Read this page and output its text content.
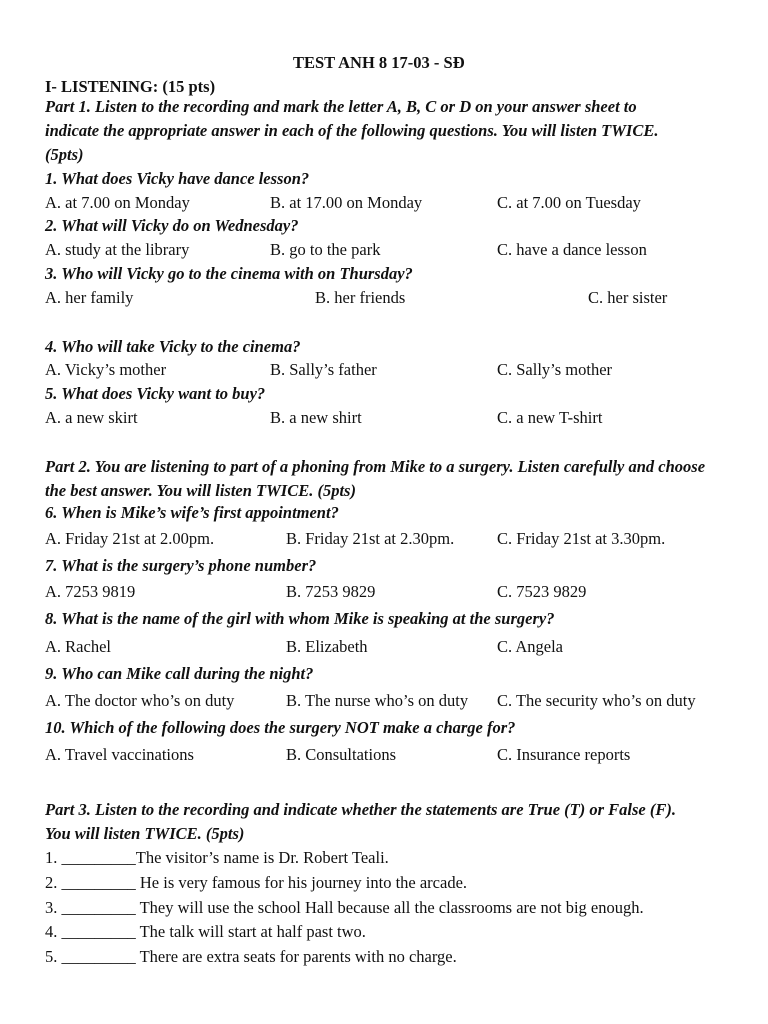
TEST ANH 8 17-03 - SĐ
I- LISTENING: (15 pts)
Part 1. Listen to the recording and mark the letter A, B, C or D on your answer sheet to
indicate the appropriate answer in each of the following questions. You will listen TWICE.
(5pts)
1. What does Vicky have dance lesson?
A. at 7.00 on Monday	B. at 17.00 on Monday	C. at 7.00 on Tuesday
2. What will Vicky do on Wednesday?
A. study at the library	B. go to the park	C. have a dance lesson
3. Who will Vicky go to the cinema with on Thursday?
A. her family	B. her friends	C. her sister
4. Who will take Vicky to the cinema?
A. Vicky’s mother	B. Sally’s father	C. Sally’s mother
5. What does Vicky want to buy?
A. a new skirt	B. a new shirt	C. a new T-shirt
Part 2. You are listening to part of a phoning from Mike to a surgery. Listen carefully and choose
the best answer. You will listen TWICE. (5pts)
6. When is Mike’s wife’s first appointment?
A. Friday 21st at 2.00pm.	B. Friday 21st at 2.30pm.	C. Friday 21st at 3.30pm.
7. What is the surgery’s phone number?
A. 7253 9819	B. 7253 9829	C. 7523 9829
8. What is the name of the girl with whom Mike is speaking at the surgery?
A. Rachel	B. Elizabeth	C. Angela
9. Who can Mike call during the night?
A. The doctor who’s on duty	B. The nurse who’s on duty C. The security who’s on duty
10. Which of the following does the surgery NOT make a charge for?
A. Travel vaccinations	B. Consultations	C. Insurance reports
Part 3. Listen to the recording and indicate whether the statements are True (T) or False (F).
You will listen TWICE. (5pts)
1. _________The visitor’s name is Dr. Robert Teali.
2. _________ He is very famous for his journey into the arcade.
3. _________ They will use the school Hall because all the classrooms are not big enough.
4. _________ The talk will start at half past two.
5. _________ There are extra seats for parents with no charge.
